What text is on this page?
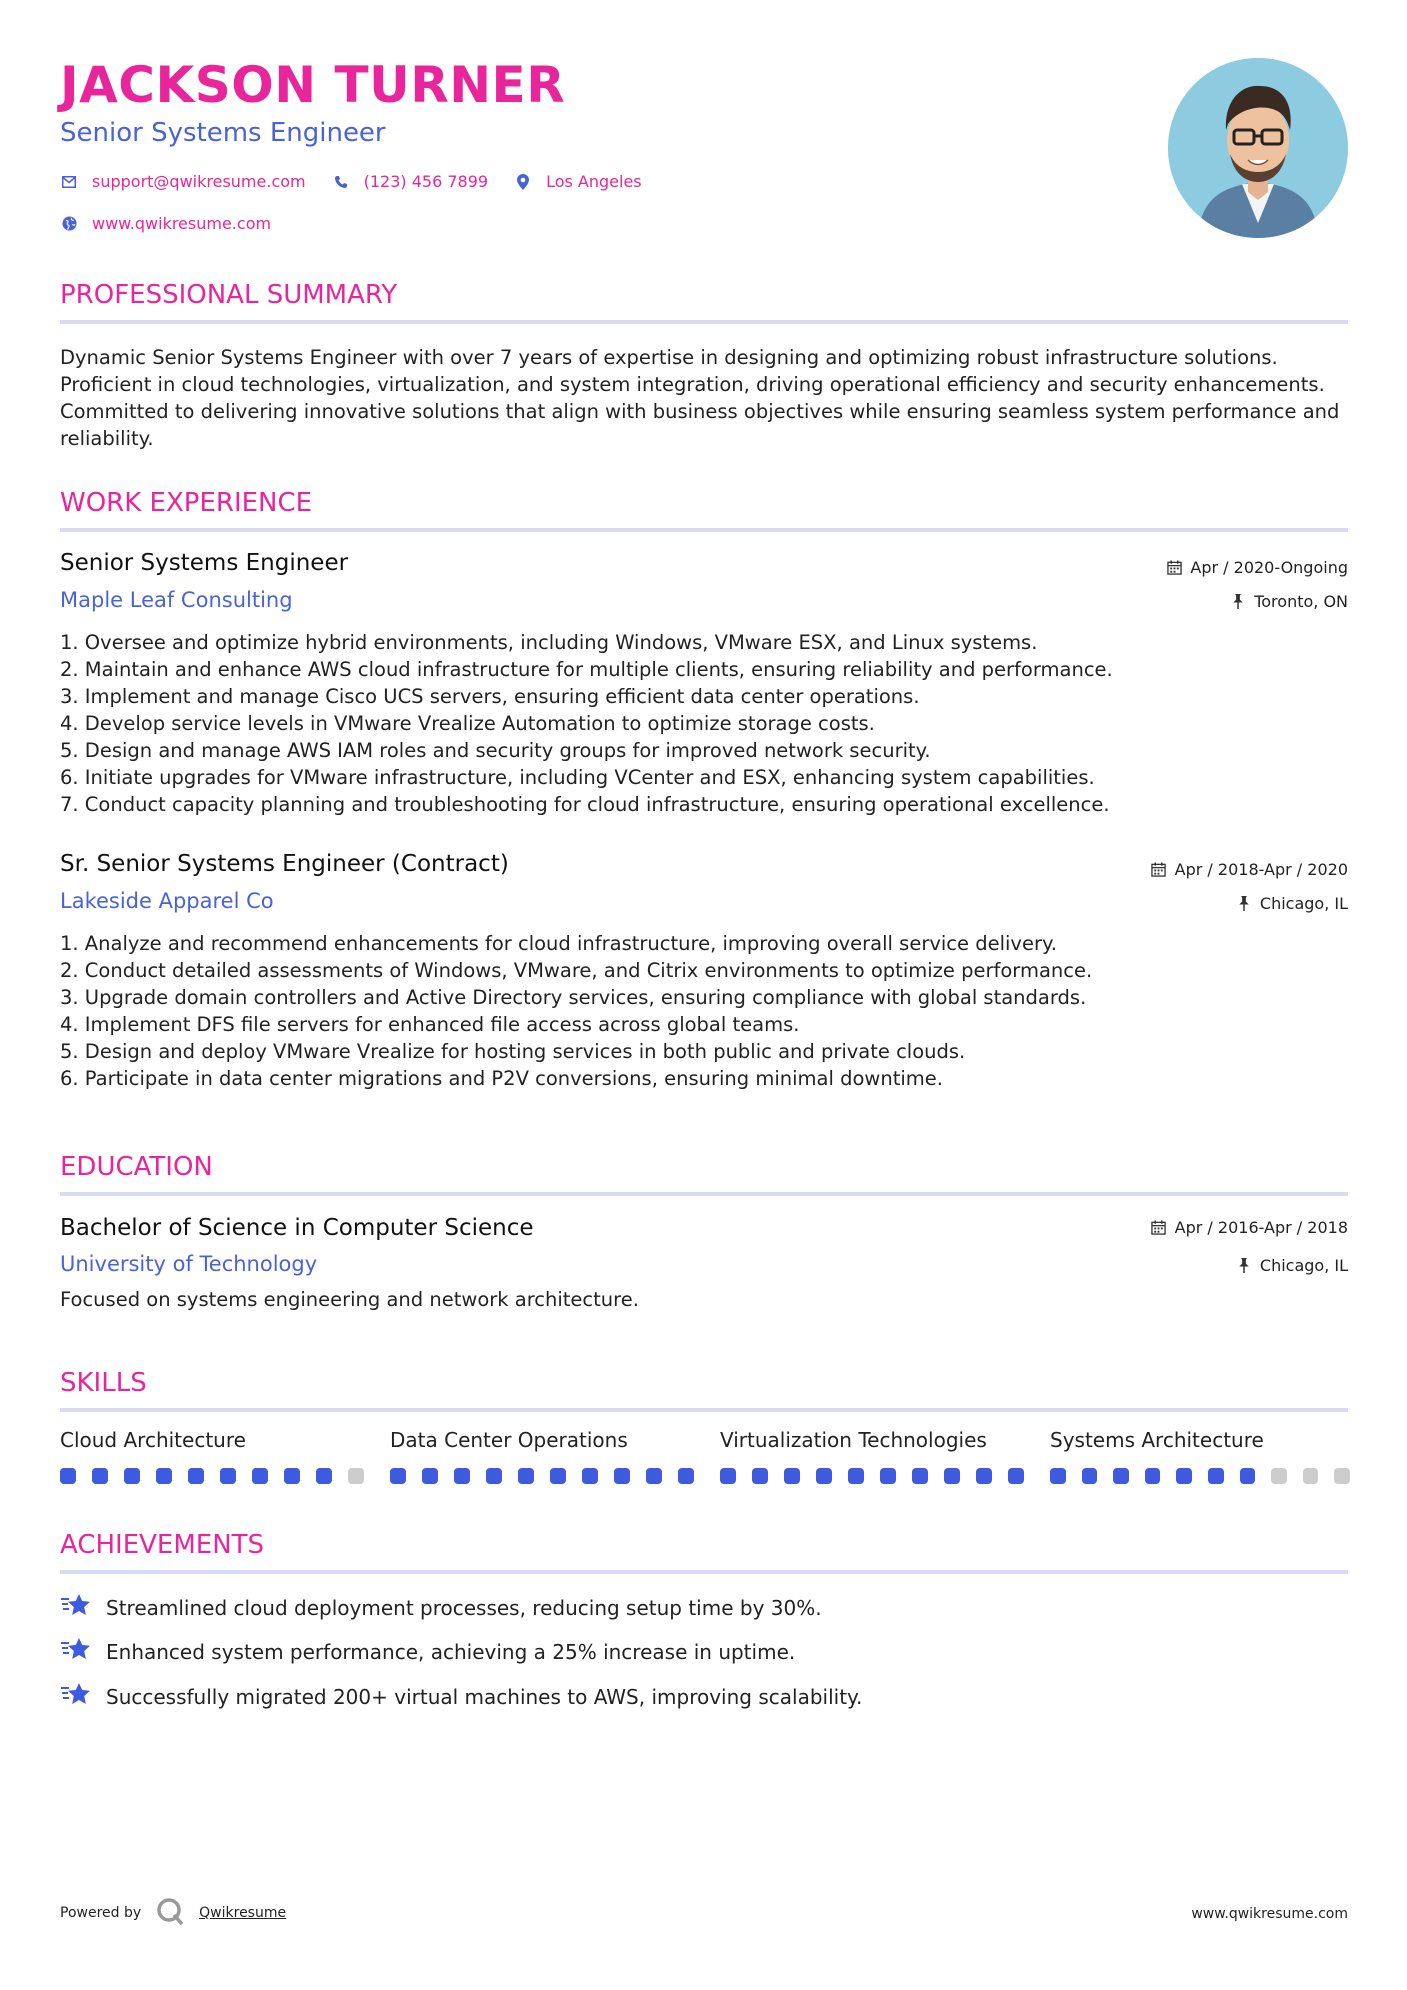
JACKSON TURNER
Senior Systems Engineer
support@qwikresume.com	(123) 456 7899	Los Angeles
www.qwikresume.com
PROFESSIONAL SUMMARY
Dynamic Senior Systems Engineer with over 7 years of expertise in designing and optimizing robust infrastructure solutions. Proficient in cloud technologies, virtualization, and system integration, driving operational efficiency and security enhancements. Committed to delivering innovative solutions that align with business objectives while ensuring seamless system performance and reliability.
WORK EXPERIENCE
Senior Systems Engineer	Apr / 2020-Ongoing
Maple Leaf Consulting	Toronto, ON
1. Oversee and optimize hybrid environments, including Windows, VMware ESX, and Linux systems.
2. Maintain and enhance AWS cloud infrastructure for multiple clients, ensuring reliability and performance.
3. Implement and manage Cisco UCS servers, ensuring efficient data center operations.
4. Develop service levels in VMware Vrealize Automation to optimize storage costs.
5. Design and manage AWS IAM roles and security groups for improved network security.
6. Initiate upgrades for VMware infrastructure, including VCenter and ESX, enhancing system capabilities.
7. Conduct capacity planning and troubleshooting for cloud infrastructure, ensuring operational excellence.
Sr. Senior Systems Engineer (Contract)	Apr / 2018-Apr / 2020
Lakeside Apparel Co	Chicago, IL
1. Analyze and recommend enhancements for cloud infrastructure, improving overall service delivery.
2. Conduct detailed assessments of Windows, VMware, and Citrix environments to optimize performance.
3. Upgrade domain controllers and Active Directory services, ensuring compliance with global standards.
4. Implement DFS file servers for enhanced file access across global teams.
5. Design and deploy VMware Vrealize for hosting services in both public and private clouds.
6. Participate in data center migrations and P2V conversions, ensuring minimal downtime.
EDUCATION
Bachelor of Science in Computer Science	Apr / 2016-Apr / 2018
University of Technology	Chicago, IL
Focused on systems engineering and network architecture.
SKILLS
Cloud Architecture	Data Center Operations	Virtualization Technologies	Systems Architecture
ACHIEVEMENTS
Streamlined cloud deployment processes, reducing setup time by 30%.
Enhanced system performance, achieving a 25% increase in uptime.
Successfully migrated 200+ virtual machines to AWS, improving scalability.
Powered by	Qwikresume	www.qwikresume.com
